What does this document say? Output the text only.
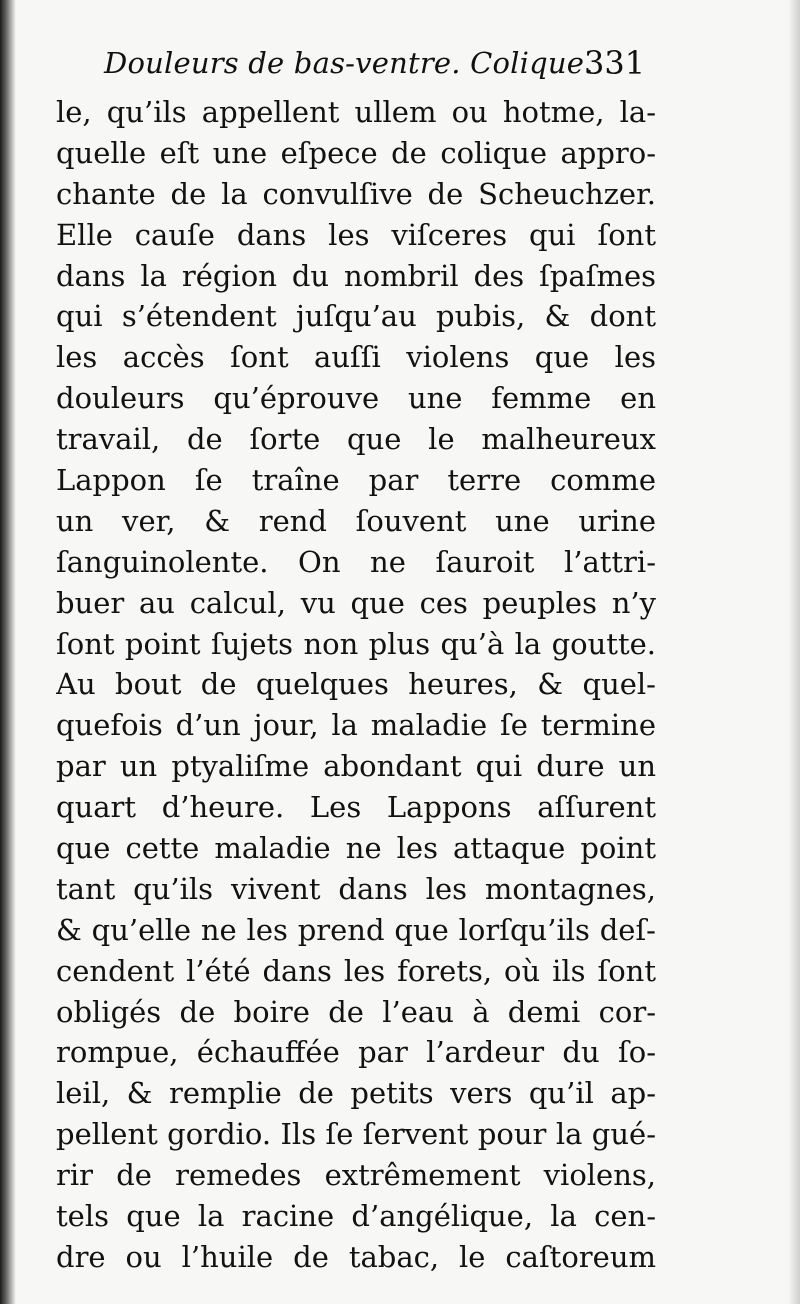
Douleurs de bas-ventre. Colique.
331
le, qu’ils appellent ullem ou hotme, la-
quelle eſt une eſpece de colique appro-
chante de la convulſive de Scheuchzer.
Elle cauſe dans les viſceres qui ſont
dans la région du nombril des ſpaſmes
qui s’étendent juſqu’au pubis, & dont
les accès ſont auſſi violens que les
douleurs qu’éprouve une femme en
travail, de ſorte que le malheureux
Lappon ſe traîne par terre comme
un ver, & rend ſouvent une urine
ſanguinolente. On ne ſauroit l’attri-
buer au calcul, vu que ces peuples n’y
ſont point ſujets non plus qu’à la goutte.
Au bout de quelques heures, & quel-
quefois d’un jour, la maladie ſe termine
par un ptyaliſme abondant qui dure un
quart d’heure. Les Lappons aſſurent
que cette maladie ne les attaque point
tant qu’ils vivent dans les montagnes,
& qu’elle ne les prend que lorſqu’ils deſ-
cendent l’été dans les forets, où ils ſont
obligés de boire de l’eau à demi cor-
rompue, échauffée par l’ardeur du ſo-
leil, & remplie de petits vers qu’il ap-
pellent gordio. Ils ſe ſervent pour la gué-
rir de remedes extrêmement violens,
tels que la racine d’angélique, la cen-
dre ou l’huile de tabac, le caſtoreum
